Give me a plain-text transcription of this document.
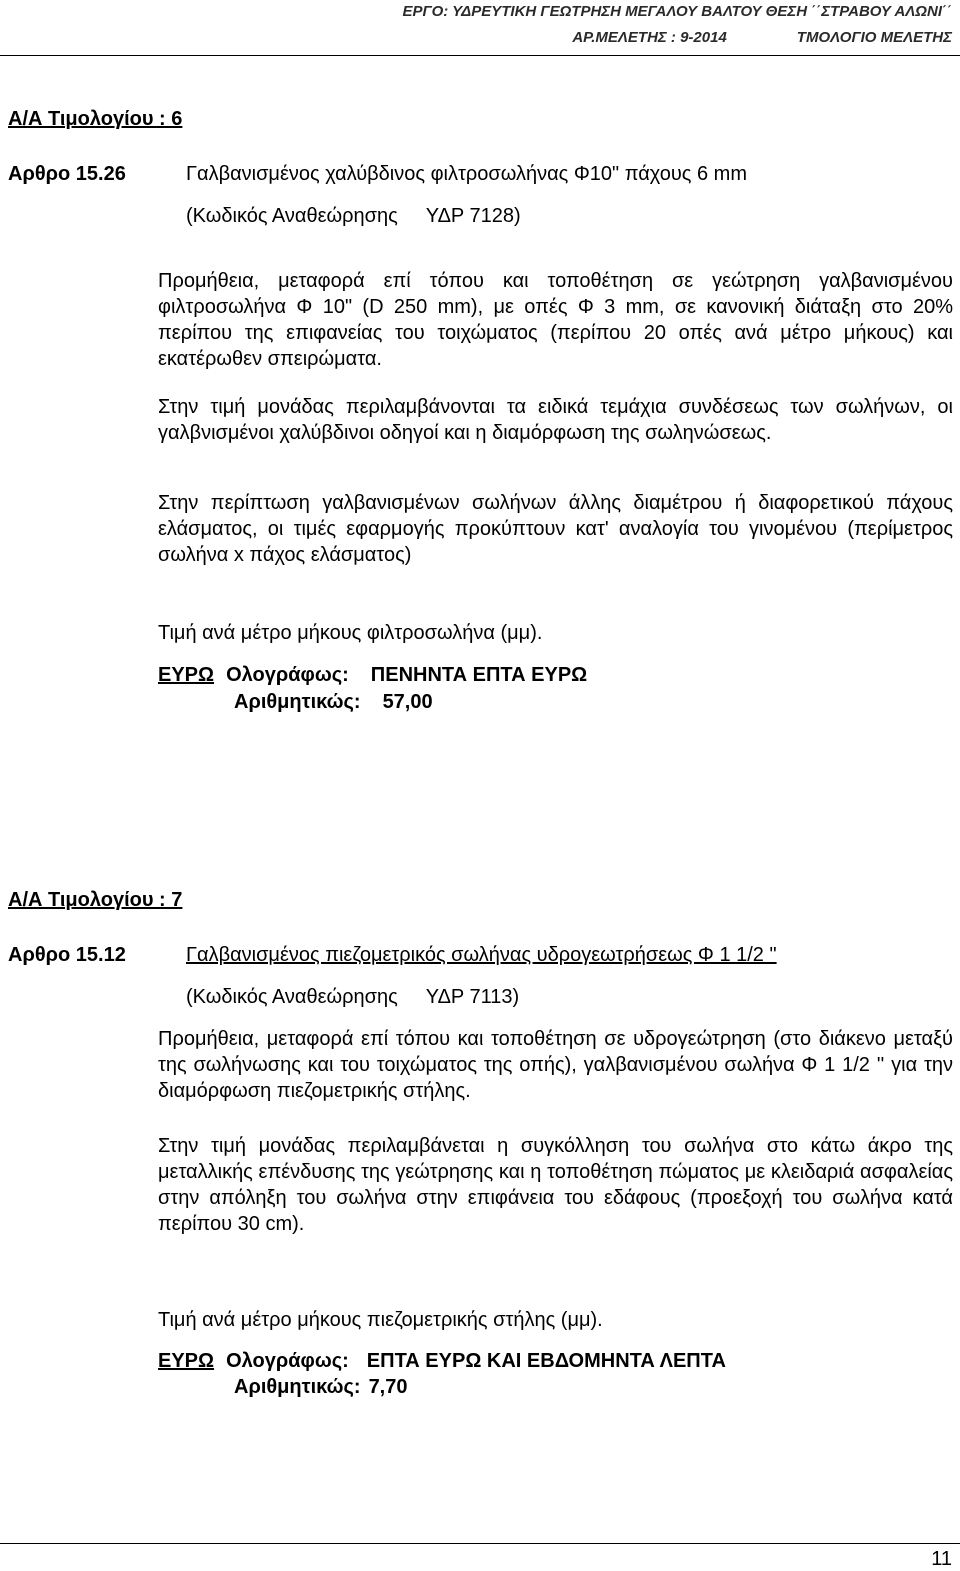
ΕΡΓΟ: ΥΔΡΕΥΤΙΚΗ ΓΕΩΤΡΗΣΗ ΜΕΓΑΛΟΥ ΒΑΛΤΟΥ ΘΕΣΗ ΄΄ΣΤΡΑΒΟΥ ΑΛΩΝΙ΄΄
ΑΡ.ΜΕΛΕΤΗΣ : 9-2014	ΤΜΟΛΟΓΙΟ ΜΕΛΕΤΗΣ
Α/Α Τιμολογίου : 6
Αρθρο 15.26	Γαλβανισμένος χαλύβδινος φιλτροσωλήνας Φ10" πάχους 6 mm
(Κωδικός Αναθεώρησης ΥΔΡ 7128)
Προμήθεια, μεταφορά επί τόπου και τοποθέτηση σε γεώτρηση γαλβανισμένου φιλτροσωλήνα Φ 10" (D 250 mm), με οπές Φ 3 mm, σε κανονική διάταξη στο 20% περίπου της επιφανείας του τοιχώματος (περίπου 20 οπές ανά μέτρο μήκους) και εκατέρωθεν σπειρώματα.
Στην τιμή μονάδας περιλαμβάνονται τα ειδικά τεμάχια συνδέσεως των σωλήνων, οι γαλβνισμένοι χαλύβδινοι οδηγοί και η διαμόρφωση της σωληνώσεως.
Στην περίπτωση γαλβανισμένων σωλήνων άλλης διαμέτρου ή διαφορετικού πάχους ελάσματος, οι τιμές εφαρμογής προκύπτουν κατ' αναλογία του γινομένου (περίμετρος σωλήνα x πάχος ελάσματος)
Τιμή ανά μέτρο μήκους φιλτροσωλήνα (μμ).
ΕΥΡΩ Ολογράφως: ΠΕΝΗΝΤΑ ΕΠΤΑ ΕΥΡΩ
Αριθμητικώς: 57,00
Α/Α Τιμολογίου : 7
Αρθρο 15.12	Γαλβανισμένος πιεζομετρικός σωλήνας υδρογεωτρήσεως Φ 1 1/2 "
(Κωδικός Αναθεώρησης ΥΔΡ 7113)
Προμήθεια, μεταφορά επί τόπου και τοποθέτηση σε υδρογεώτρηση (στο διάκενο μεταξύ της σωλήνωσης και του τοιχώματος της οπής), γαλβανισμένου σωλήνα Φ 1 1/2 '' για την διαμόρφωση πιεζομετρικής στήλης.
Στην τιμή μονάδας περιλαμβάνεται η συγκόλληση του σωλήνα στο κάτω άκρο της μεταλλικής επένδυσης της γεώτρησης και η τοποθέτηση πώματος με κλειδαριά ασφαλείας στην απόληξη του σωλήνα στην επιφάνεια του εδάφους (προεξοχή του σωλήνα κατά περίπου 30 cm).
Τιμή ανά μέτρο μήκους πιεζομετρικής στήλης (μμ).
ΕΥΡΩ Ολογράφως: ΕΠΤΑ ΕΥΡΩ ΚΑΙ ΕΒΔΟΜΗΝΤΑ ΛΕΠΤΑ
Αριθμητικώς: 7,70
11
